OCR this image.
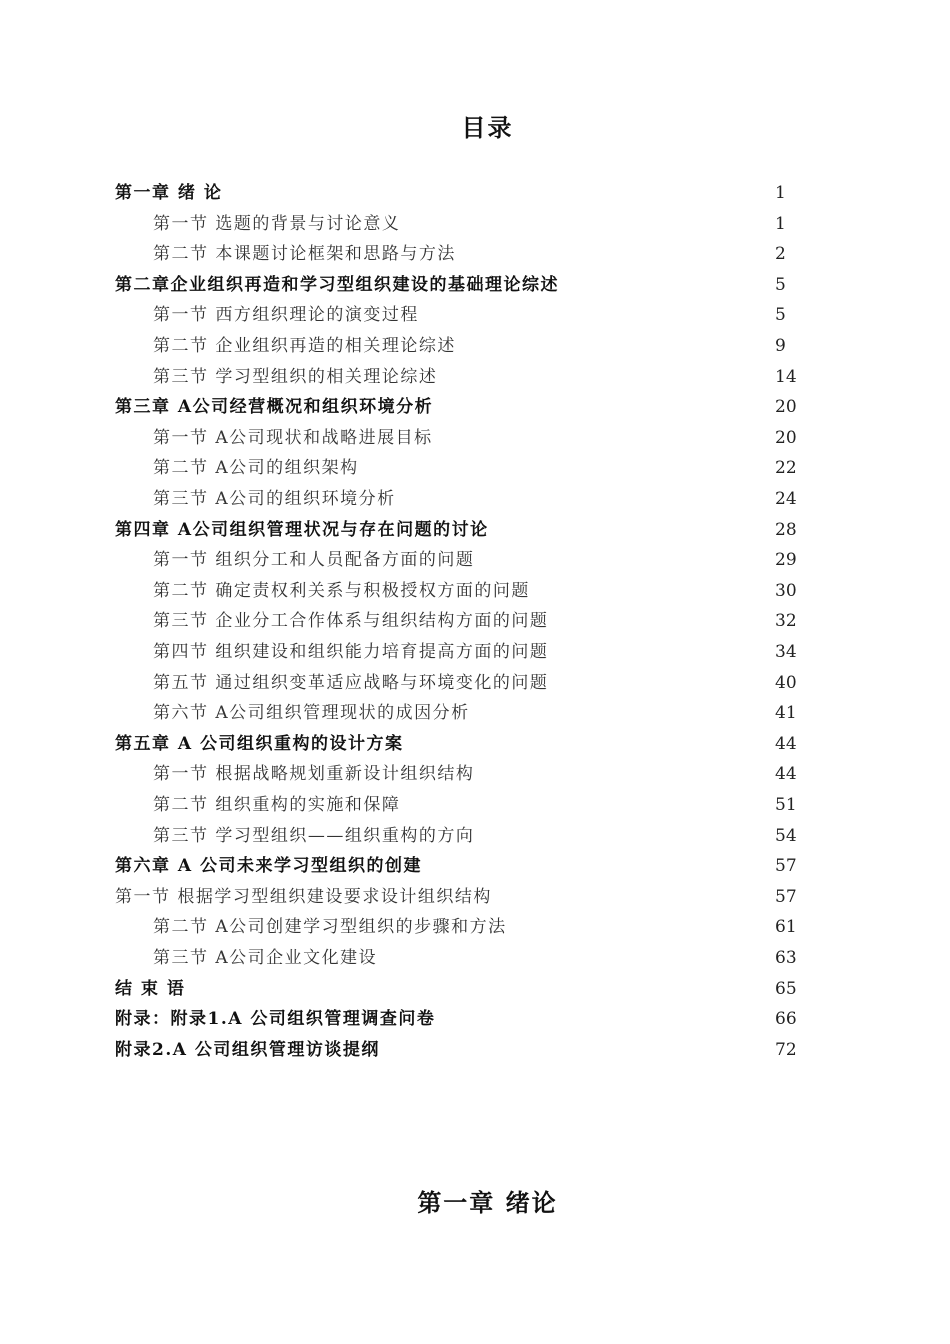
目录
第一章 绪 论	1
第一节 选题的背景与讨论意义	1
第二节 本课题讨论框架和思路与方法	2
第二章企业组织再造和学习型组织建设的基础理论综述	5
第一节 西方组织理论的演变过程	5
第二节 企业组织再造的相关理论综述	9
第三节 学习型组织的相关理论综述	14
第三章 A公司经营概况和组织环境分析	20
第一节 A公司现状和战略进展目标	20
第二节 A公司的组织架构	22
第三节 A公司的组织环境分析	24
第四章 A公司组织管理状况与存在问题的讨论	28
第一节 组织分工和人员配备方面的问题	29
第二节 确定责权利关系与积极授权方面的问题	30
第三节 企业分工合作体系与组织结构方面的问题	32
第四节 组织建设和组织能力培育提高方面的问题	34
第五节 通过组织变革适应战略与环境变化的问题	40
第六节 A公司组织管理现状的成因分析	41
第五章 A 公司组织重构的设计方案	44
第一节 根据战略规划重新设计组织结构	44
第二节 组织重构的实施和保障	51
第三节 学习型组织——组织重构的方向	54
第六章 A 公司未来学习型组织的创建	57
第一节 根据学习型组织建设要求设计组织结构	57
第二节 A公司创建学习型组织的步骤和方法	61
第三节 A公司企业文化建设	63
结 束 语	65
附录：附录1.A 公司组织管理调查问卷	66
附录2.A 公司组织管理访谈提纲	72
第一章 绪论
